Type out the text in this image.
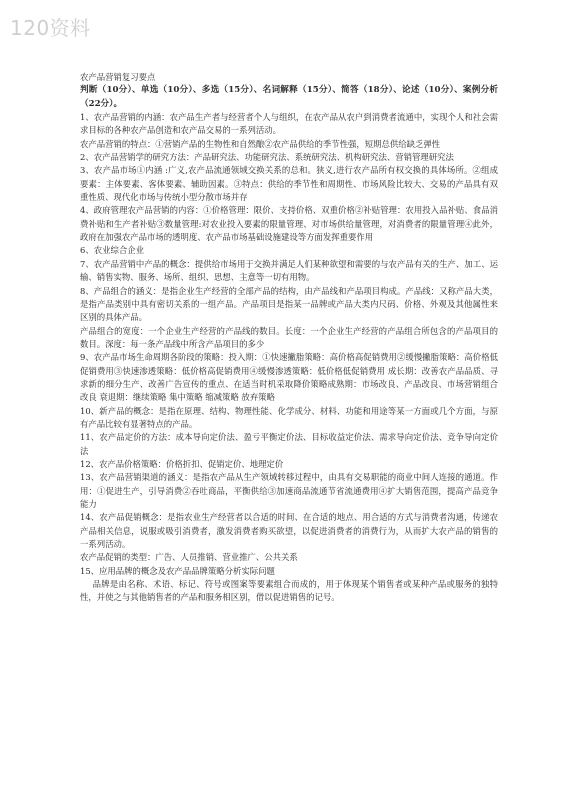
120资料

农产品营销复习要点

判断（10分）、单选（10分）、多选（15分）、名词解释（15分）、简答（18分）、论述（10分）、案例分析（22分）。

1、农产品营销的内涵：农产品生产者与经营者个人与组织，在农产品从农户到消费者流通中，实现个人和社会需求目标的各种农产品创造和农产品交易的一系列活动。

农产品营销的特点：①营销产品的生物性和自然酿②农产品供给的季节性强，短期总供给缺乏弹性

2、农产品营销学的研究方法：产品研究法、功能研究法、系统研究法、机构研究法、营销管理研究法

3、农产品市场①内涵 :广义,农产品流通领域交换关系的总和。狭义,进行农产品所有权交换的具体场所。②组成要素：主体要素、客体要素、辅助因素。③特点：供给的季节性和周期性、市场风险比较大、交易的产品具有双重性质、现代化市场与传统小型分散市场并存

4、政府管理农产品营销的内容：①价格管理：限价、支持价格、双重价格②补贴管理：农用投入品补贴、食品消费补贴和生产者补贴③数量管理:对农业投入要素的限量管理、对市场供给量管理，对消费者的限量管理④此外，政府在加强农产品市场的透明度、农产品市场基础设施建设等方面发挥重要作用

6、农业综合企业

7、农产品营销中产品的概念：提供给市场用于交换并满足人们某种欲望和需要的与农产品有关的生产、加工、运输、销售实物、服务、场所、组织、思想、主意等一切有用物。

8、产品组合的涵义：是指企业生产经营的全部产品的结构，由产品线和产品项目构成。产品线：又称产品大类，是指产品类别中具有密切关系的一组产品。产品项目是指某一品牌或产品大类内尺码、价格、外观及其他属性来区别的具体产品。

产品组合的宽度：一个企业生产经营的产品线的数目。长度：一个企业生产经营的产品组合所包含的产品项目的数目。深度：每一条产品线中所含产品项目的多少

9、农产品市场生命周期各阶段的策略：投入期：①快速撇脂策略：高价格高促销费用②缓慢撇脂策略：高价格低促销费用③快速渗透策略：低价格高促销费用④缓慢渗透策略：低价格低促销费用 成长期：改善农产品品质、寻求新的细分生产、改善广告宣传的重点、在适当时机采取降价策略成熟期：市场改良、产品改良、市场营销组合改良 衰退期：继续策略 集中策略 缩减策略 放弃策略

10、新产品的概念：是指在原理、结构、物理性能、化学成分、材料、功能和用途等某一方面或几个方面，与原有产品比较有显著特点的产品。

11、农产品定价的方法：成本导向定价法、盈亏平衡定价法、目标收益定价法、需求导向定价法、竞争导向定价法

12、农产品价格策略：价格折扣、促销定价、地理定价

13、农产品营销渠道的涵义：是指农产品从生产领域转移过程中，由具有交易职能的商业中间人连接的通道。作用：①促进生产，引导消费②吞吐商品，平衡供给③加速商品流通节省流通费用④扩大销售范围，提高产品竞争能力

14、农产品促销概念：是指农业生产经营者以合适的时间、在合适的地点、用合适的方式与消费者沟通，传递农产品相关信息，说服或吸引消费者，激发消费者购买欲望，以促进消费者的消费行为，从而扩大农产品的销售的一系列活动。

农产品促销的类型：广告、人员推销、营业推广、公共关系

15、应用品牌的概念及农产品品牌策略分析实际问题

品牌是由名称、术语、标记、符号或图案等要素组合而成的，用于体现某个销售者或某种产品或服务的独特性，并使之与其他销售者的产品和服务相区别，借以促进销售的记号。
